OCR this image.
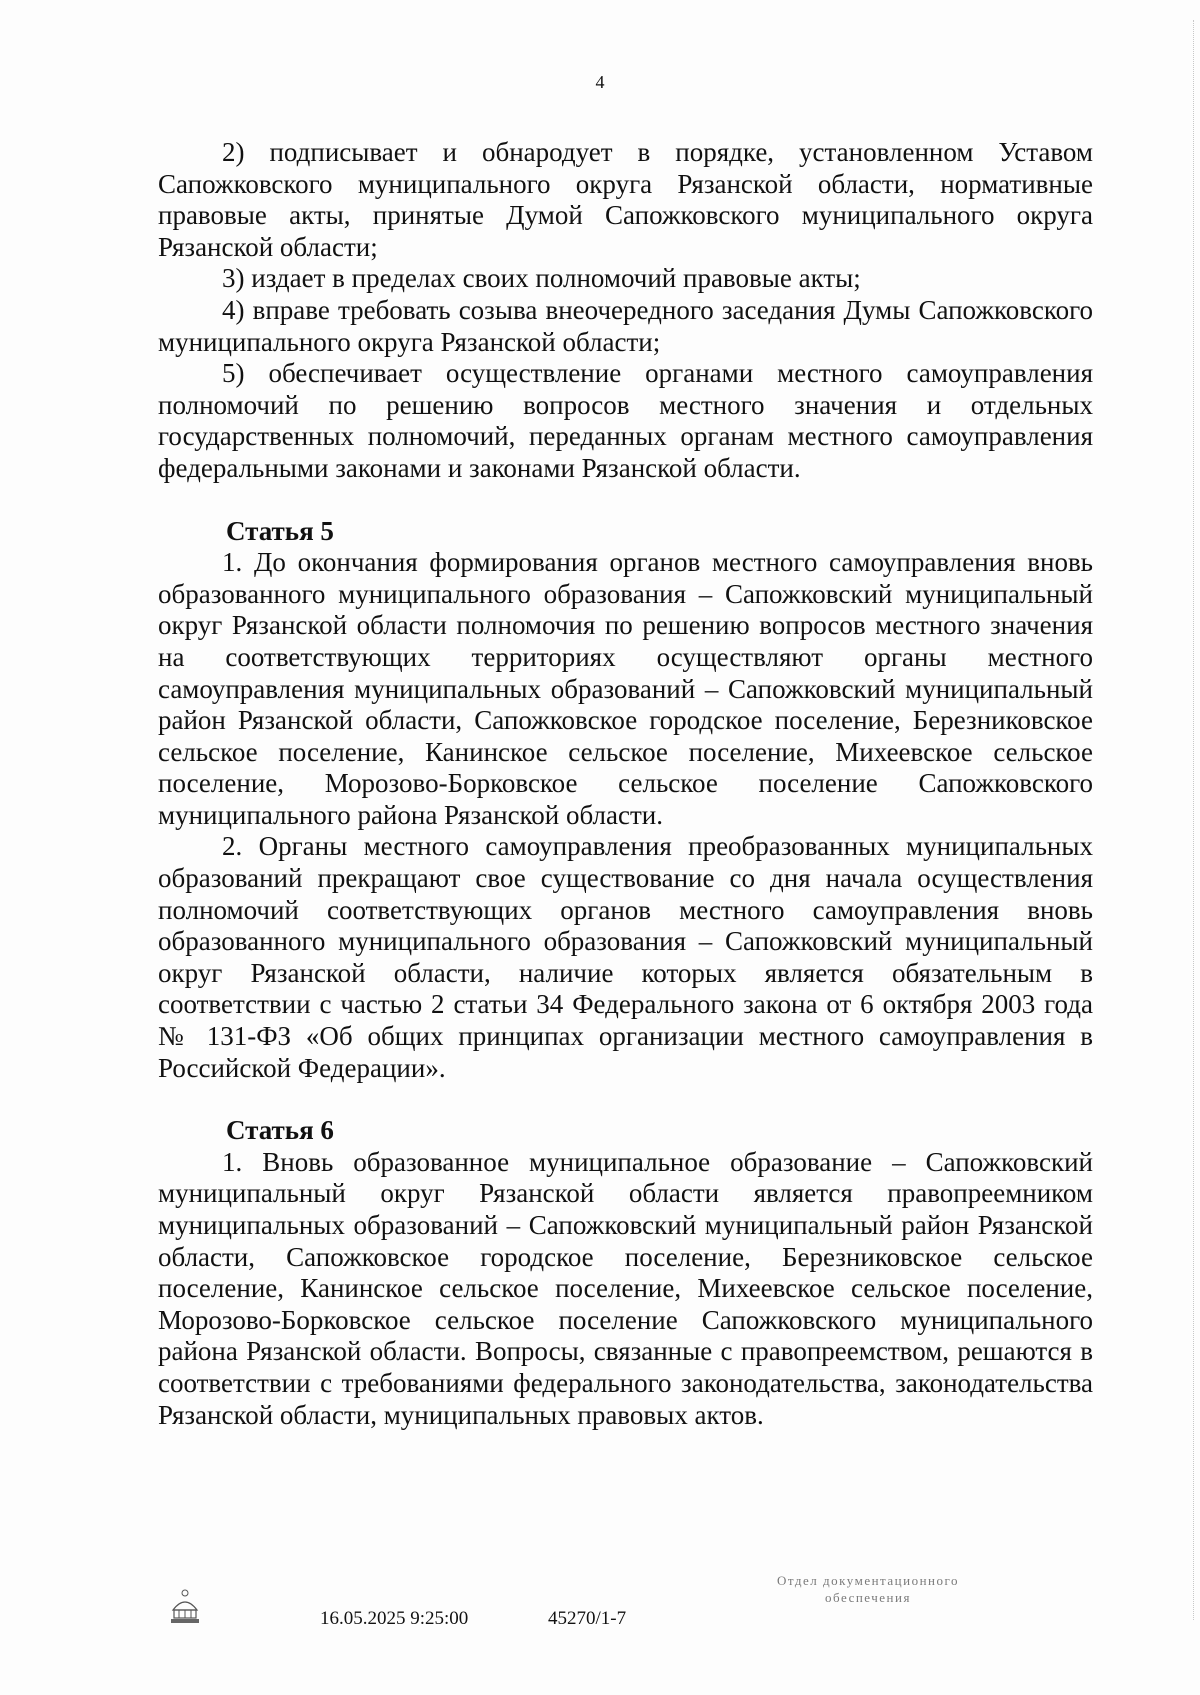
4

2) подписывает и обнародует в порядке, установленном Уставом Сапожковского муниципального округа Рязанской области, нормативные правовые акты, принятые Думой Сапожковского муниципального округа Рязанской области;

3) издает в пределах своих полномочий правовые акты;

4) вправе требовать созыва внеочередного заседания Думы Сапожковского муниципального округа Рязанской области;

5) обеспечивает осуществление органами местного самоуправления полномочий по решению вопросов местного значения и отдельных государственных полномочий, переданных органам местного самоуправления федеральными законами и законами Рязанской области.

Статья 5

1. До окончания формирования органов местного самоуправления вновь образованного муниципального образования – Сапожковский муниципальный округ Рязанской области полномочия по решению вопросов местного значения на соответствующих территориях осуществляют органы местного самоуправления муниципальных образований – Сапожковский муниципальный район Рязанской области, Сапожковское городское поселение, Березниковское сельское поселение, Канинское сельское поселение, Михеевское сельское поселение, Морозово-Борковское сельское поселение Сапожковского муниципального района Рязанской области.

2. Органы местного самоуправления преобразованных муниципальных образований прекращают свое существование со дня начала осуществления полномочий соответствующих органов местного самоуправления вновь образованного муниципального образования – Сапожковский муниципальный округ Рязанской области, наличие которых является обязательным в соответствии с частью 2 статьи 34 Федерального закона от 6 октября 2003 года № 131-ФЗ «Об общих принципах организации местного самоуправления в Российской Федерации».

Статья 6

1. Вновь образованное муниципальное образование – Сапожковский муниципальный округ Рязанской области является правопреемником муниципальных образований – Сапожковский муниципальный район Рязанской области, Сапожковское городское поселение, Березниковское сельское поселение, Канинское сельское поселение, Михеевское сельское поселение, Морозово-Борковское сельское поселение Сапожковского муниципального района Рязанской области. Вопросы, связанные с правопреемством, решаются в соответствии с требованиями федерального законодательства, законодательства Рязанской области, муниципальных правовых актов.

16.05.2025 9:25:00	45270/1-7
Отдел документационного
обеспечения
